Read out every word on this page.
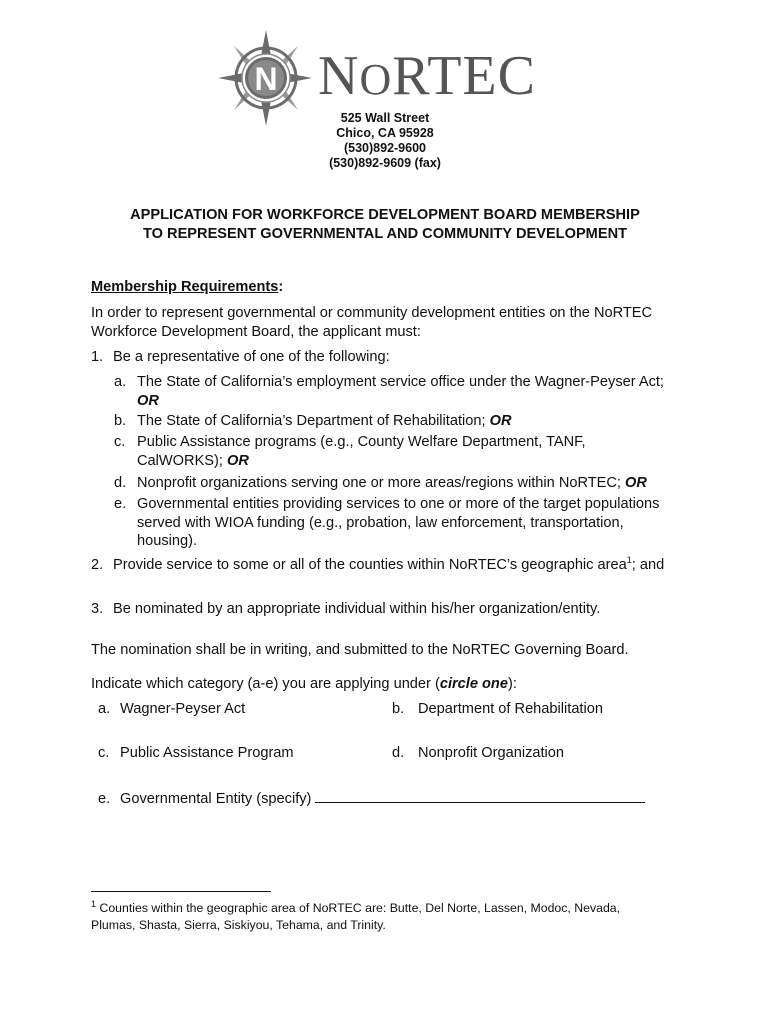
N NORTEC
525 Wall Street
Chico, CA 95928
(530)892-9600
(530)892-9609 (fax)
APPLICATION FOR WORKFORCE DEVELOPMENT BOARD MEMBERSHIP
TO REPRESENT GOVERNMENTAL AND COMMUNITY DEVELOPMENT
Membership Requirements:
In order to represent governmental or community development entities on the NoRTEC Workforce Development Board, the applicant must:
1. Be a representative of one of the following:
a. The State of California’s employment service office under the Wagner-Peyser Act; OR
b. The State of California’s Department of Rehabilitation; OR
c. Public Assistance programs (e.g., County Welfare Department, TANF, CalWORKS); OR
d. Nonprofit organizations serving one or more areas/regions within NoRTEC; OR
e. Governmental entities providing services to one or more of the target populations served with WIOA funding (e.g., probation, law enforcement, transportation, housing).
2. Provide service to some or all of the counties within NoRTEC’s geographic area$^1$; and
3. Be nominated by an appropriate individual within his/her organization/entity.
The nomination shall be in writing, and submitted to the NoRTEC Governing Board.
Indicate which category (a-e) you are applying under (circle one):
a. Wagner-Peyser Act	b. Department of Rehabilitation
c. Public Assistance Program	d. Nonprofit Organization
e. Governmental Entity (specify)
$^1$ Counties within the geographic area of NoRTEC are: Butte, Del Norte, Lassen, Modoc, Nevada, Plumas, Shasta, Sierra, Siskiyou, Tehama, and Trinity.
